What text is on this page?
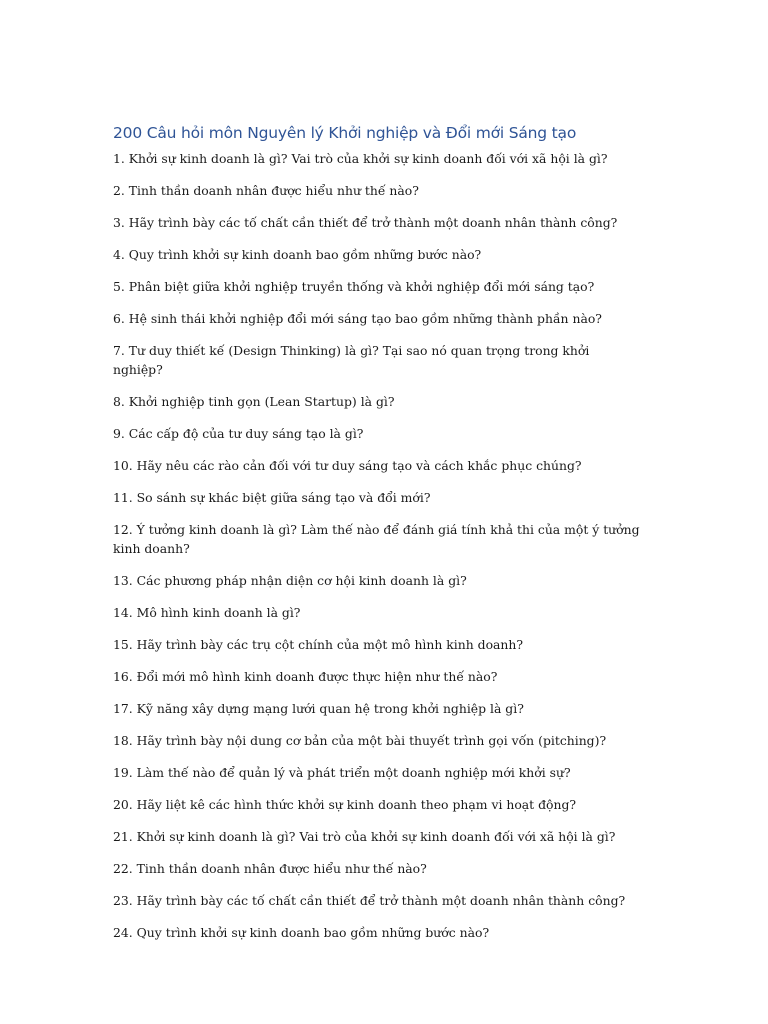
200 Câu hỏi môn Nguyên lý Khởi nghiệp và Đổi mới Sáng tạo
1. Khởi sự kinh doanh là gì? Vai trò của khởi sự kinh doanh đối với xã hội là gì?
2. Tinh thần doanh nhân được hiểu như thế nào?
3. Hãy trình bày các tố chất cần thiết để trở thành một doanh nhân thành công?
4. Quy trình khởi sự kinh doanh bao gồm những bước nào?
5. Phân biệt giữa khởi nghiệp truyền thống và khởi nghiệp đổi mới sáng tạo?
6. Hệ sinh thái khởi nghiệp đổi mới sáng tạo bao gồm những thành phần nào?
7. Tư duy thiết kế (Design Thinking) là gì? Tại sao nó quan trọng trong khởi nghiệp?
8. Khởi nghiệp tinh gọn (Lean Startup) là gì?
9. Các cấp độ của tư duy sáng tạo là gì?
10. Hãy nêu các rào cản đối với tư duy sáng tạo và cách khắc phục chúng?
11. So sánh sự khác biệt giữa sáng tạo và đổi mới?
12. Ý tưởng kinh doanh là gì? Làm thế nào để đánh giá tính khả thi của một ý tưởng kinh doanh?
13. Các phương pháp nhận diện cơ hội kinh doanh là gì?
14. Mô hình kinh doanh là gì?
15. Hãy trình bày các trụ cột chính của một mô hình kinh doanh?
16. Đổi mới mô hình kinh doanh được thực hiện như thế nào?
17. Kỹ năng xây dựng mạng lưới quan hệ trong khởi nghiệp là gì?
18. Hãy trình bày nội dung cơ bản của một bài thuyết trình gọi vốn (pitching)?
19. Làm thế nào để quản lý và phát triển một doanh nghiệp mới khởi sự?
20. Hãy liệt kê các hình thức khởi sự kinh doanh theo phạm vi hoạt động?
21. Khởi sự kinh doanh là gì? Vai trò của khởi sự kinh doanh đối với xã hội là gì?
22. Tinh thần doanh nhân được hiểu như thế nào?
23. Hãy trình bày các tố chất cần thiết để trở thành một doanh nhân thành công?
24. Quy trình khởi sự kinh doanh bao gồm những bước nào?
